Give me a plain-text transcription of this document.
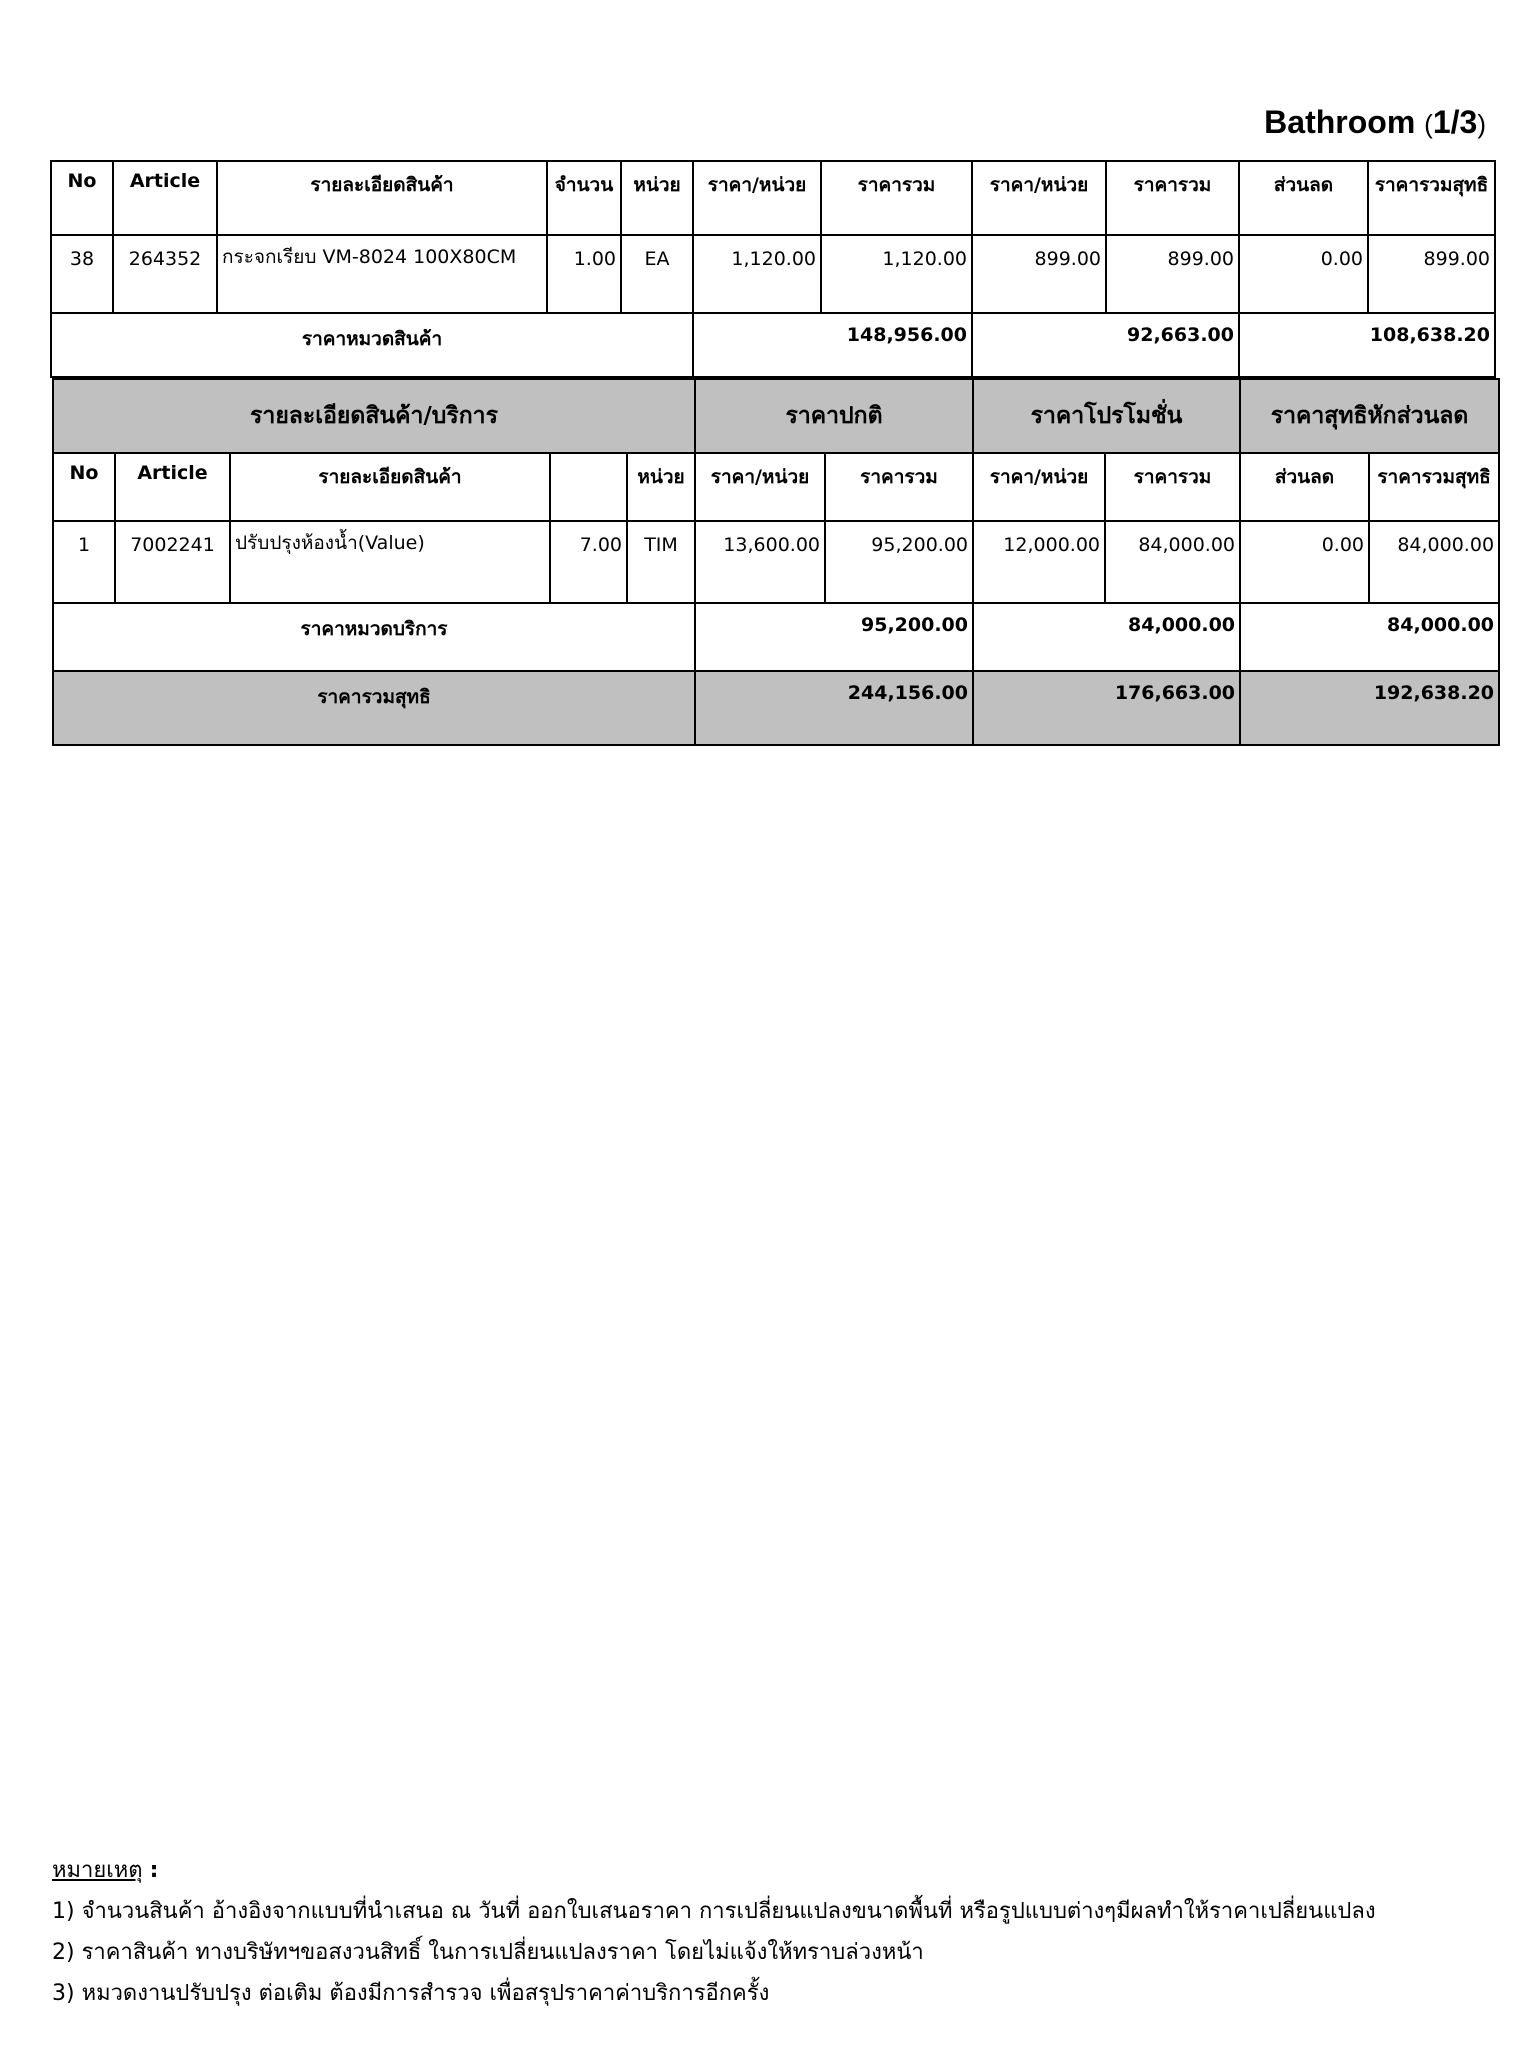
Bathroom (1/3)
No	Article	รายละเอียดสินค้า	จำนวน	หน่วย	ราคา/หน่วย	ราคารวม	ราคา/หน่วย	ราคารวม	ส่วนลด	ราคารวมสุทธิ
38	264352	กระจกเรียบ VM-8024 100X80CM	1.00	EA	1,120.00	1,120.00	899.00	899.00	0.00	899.00
ราคาหมวดสินค้า					148,956.00		92,663.00		108,638.20	
รายละเอียดสินค้า/บริการ					ราคาปกติ		ราคาโปรโมชั่น		ราคาสุทธิหักส่วนลด	
No	Article	รายละเอียดสินค้า		หน่วย	ราคา/หน่วย	ราคารวม	ราคา/หน่วย	ราคารวม	ส่วนลด	ราคารวมสุทธิ
1	7002241	ปรับปรุงห้องน้ำ(Value)	7.00	TIM	13,600.00	95,200.00	12,000.00	84,000.00	0.00	84,000.00
ราคาหมวดบริการ					95,200.00		84,000.00		84,000.00	
ราคารวมสุทธิ					244,156.00		176,663.00		192,638.20	
หมายเหตุ :
1) จำนวนสินค้า อ้างอิงจากแบบที่นำเสนอ ณ วันที่ ออกใบเสนอราคา การเปลี่ยนแปลงขนาดพื้นที่ หรือรูปแบบต่างๆมีผลทำให้ราคาเปลี่ยนแปลง
2) ราคาสินค้า ทางบริษัทฯขอสงวนสิทธิ์ ในการเปลี่ยนแปลงราคา โดยไม่แจ้งให้ทราบล่วงหน้า
3) หมวดงานปรับปรุง ต่อเติม ต้องมีการสำรวจ เพื่อสรุปราคาค่าบริการอีกครั้ง
